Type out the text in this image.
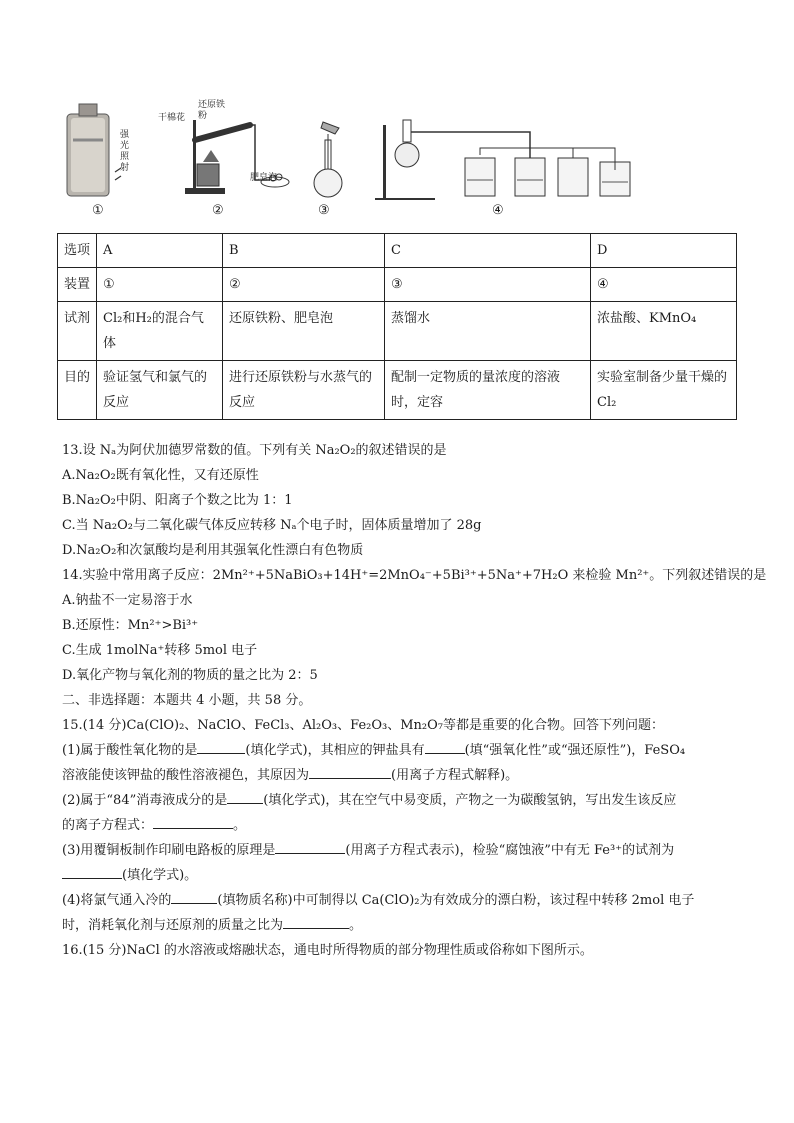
强光照射
①
干棉花
还原铁粉
肥皂泡
②	③	④
选项	A	B	C	D
装置	①	②	③	④
试剂	Cl₂和H₂的混合气体	还原铁粉、肥皂泡	蒸馏水	浓盐酸、KMnO₄
目的	验证氢气和氯气的反应	进行还原铁粉与水蒸气的反应	配制一定物质的量浓度的溶液时，定容	实验室制备少量干燥的Cl₂
13.设 Nₐ为阿伏加德罗常数的值。下列有关 Na₂O₂的叙述错误的是
A.Na₂O₂既有氧化性，又有还原性
B.Na₂O₂中阴、阳离子个数之比为 1：1
C.当 Na₂O₂与二氧化碳气体反应转移 Nₐ个电子时，固体质量增加了 28g
D.Na₂O₂和次氯酸均是利用其强氧化性漂白有色物质
14.实验中常用离子反应：2Mn²⁺+5NaBiO₃+14H⁺=2MnO₄⁻+5Bi³⁺+5Na⁺+7H₂O 来检验 Mn²⁺。下列叙述错误的是
A.钠盐不一定易溶于水
B.还原性：Mn²⁺>Bi³⁺
C.生成 1molNa⁺转移 5mol 电子
D.氧化产物与氧化剂的物质的量之比为 2：5
二、非选择题：本题共 4 小题，共 58 分。
15.(14 分)Ca(ClO)₂、NaClO、FeCl₃、Al₂O₃、Fe₂O₃、Mn₂O₇等都是重要的化合物。回答下列问题：
(1)属于酸性氧化物的是	(填化学式)，其相应的钾盐具有	(填“强氧化性”或“强还原性”)，FeSO₄
溶液能使该钾盐的酸性溶液褪色，其原因为	(用离子方程式解释)。
(2)属于“84”消毒液成分的是	(填化学式)，其在空气中易变质，产物之一为碳酸氢钠，写出发生该反应
的离子方程式：	。
(3)用覆铜板制作印刷电路板的原理是	(用离子方程式表示)，检验“腐蚀液”中有无 Fe³⁺的试剂为
(填化学式)。
(4)将氯气通入冷的	(填物质名称)中可制得以 Ca(ClO)₂为有效成分的漂白粉，该过程中转移 2mol 电子
时，消耗氧化剂与还原剂的质量之比为	。
16.(15 分)NaCl 的水溶液或熔融状态，通电时所得物质的部分物理性质或俗称如下图所示。
